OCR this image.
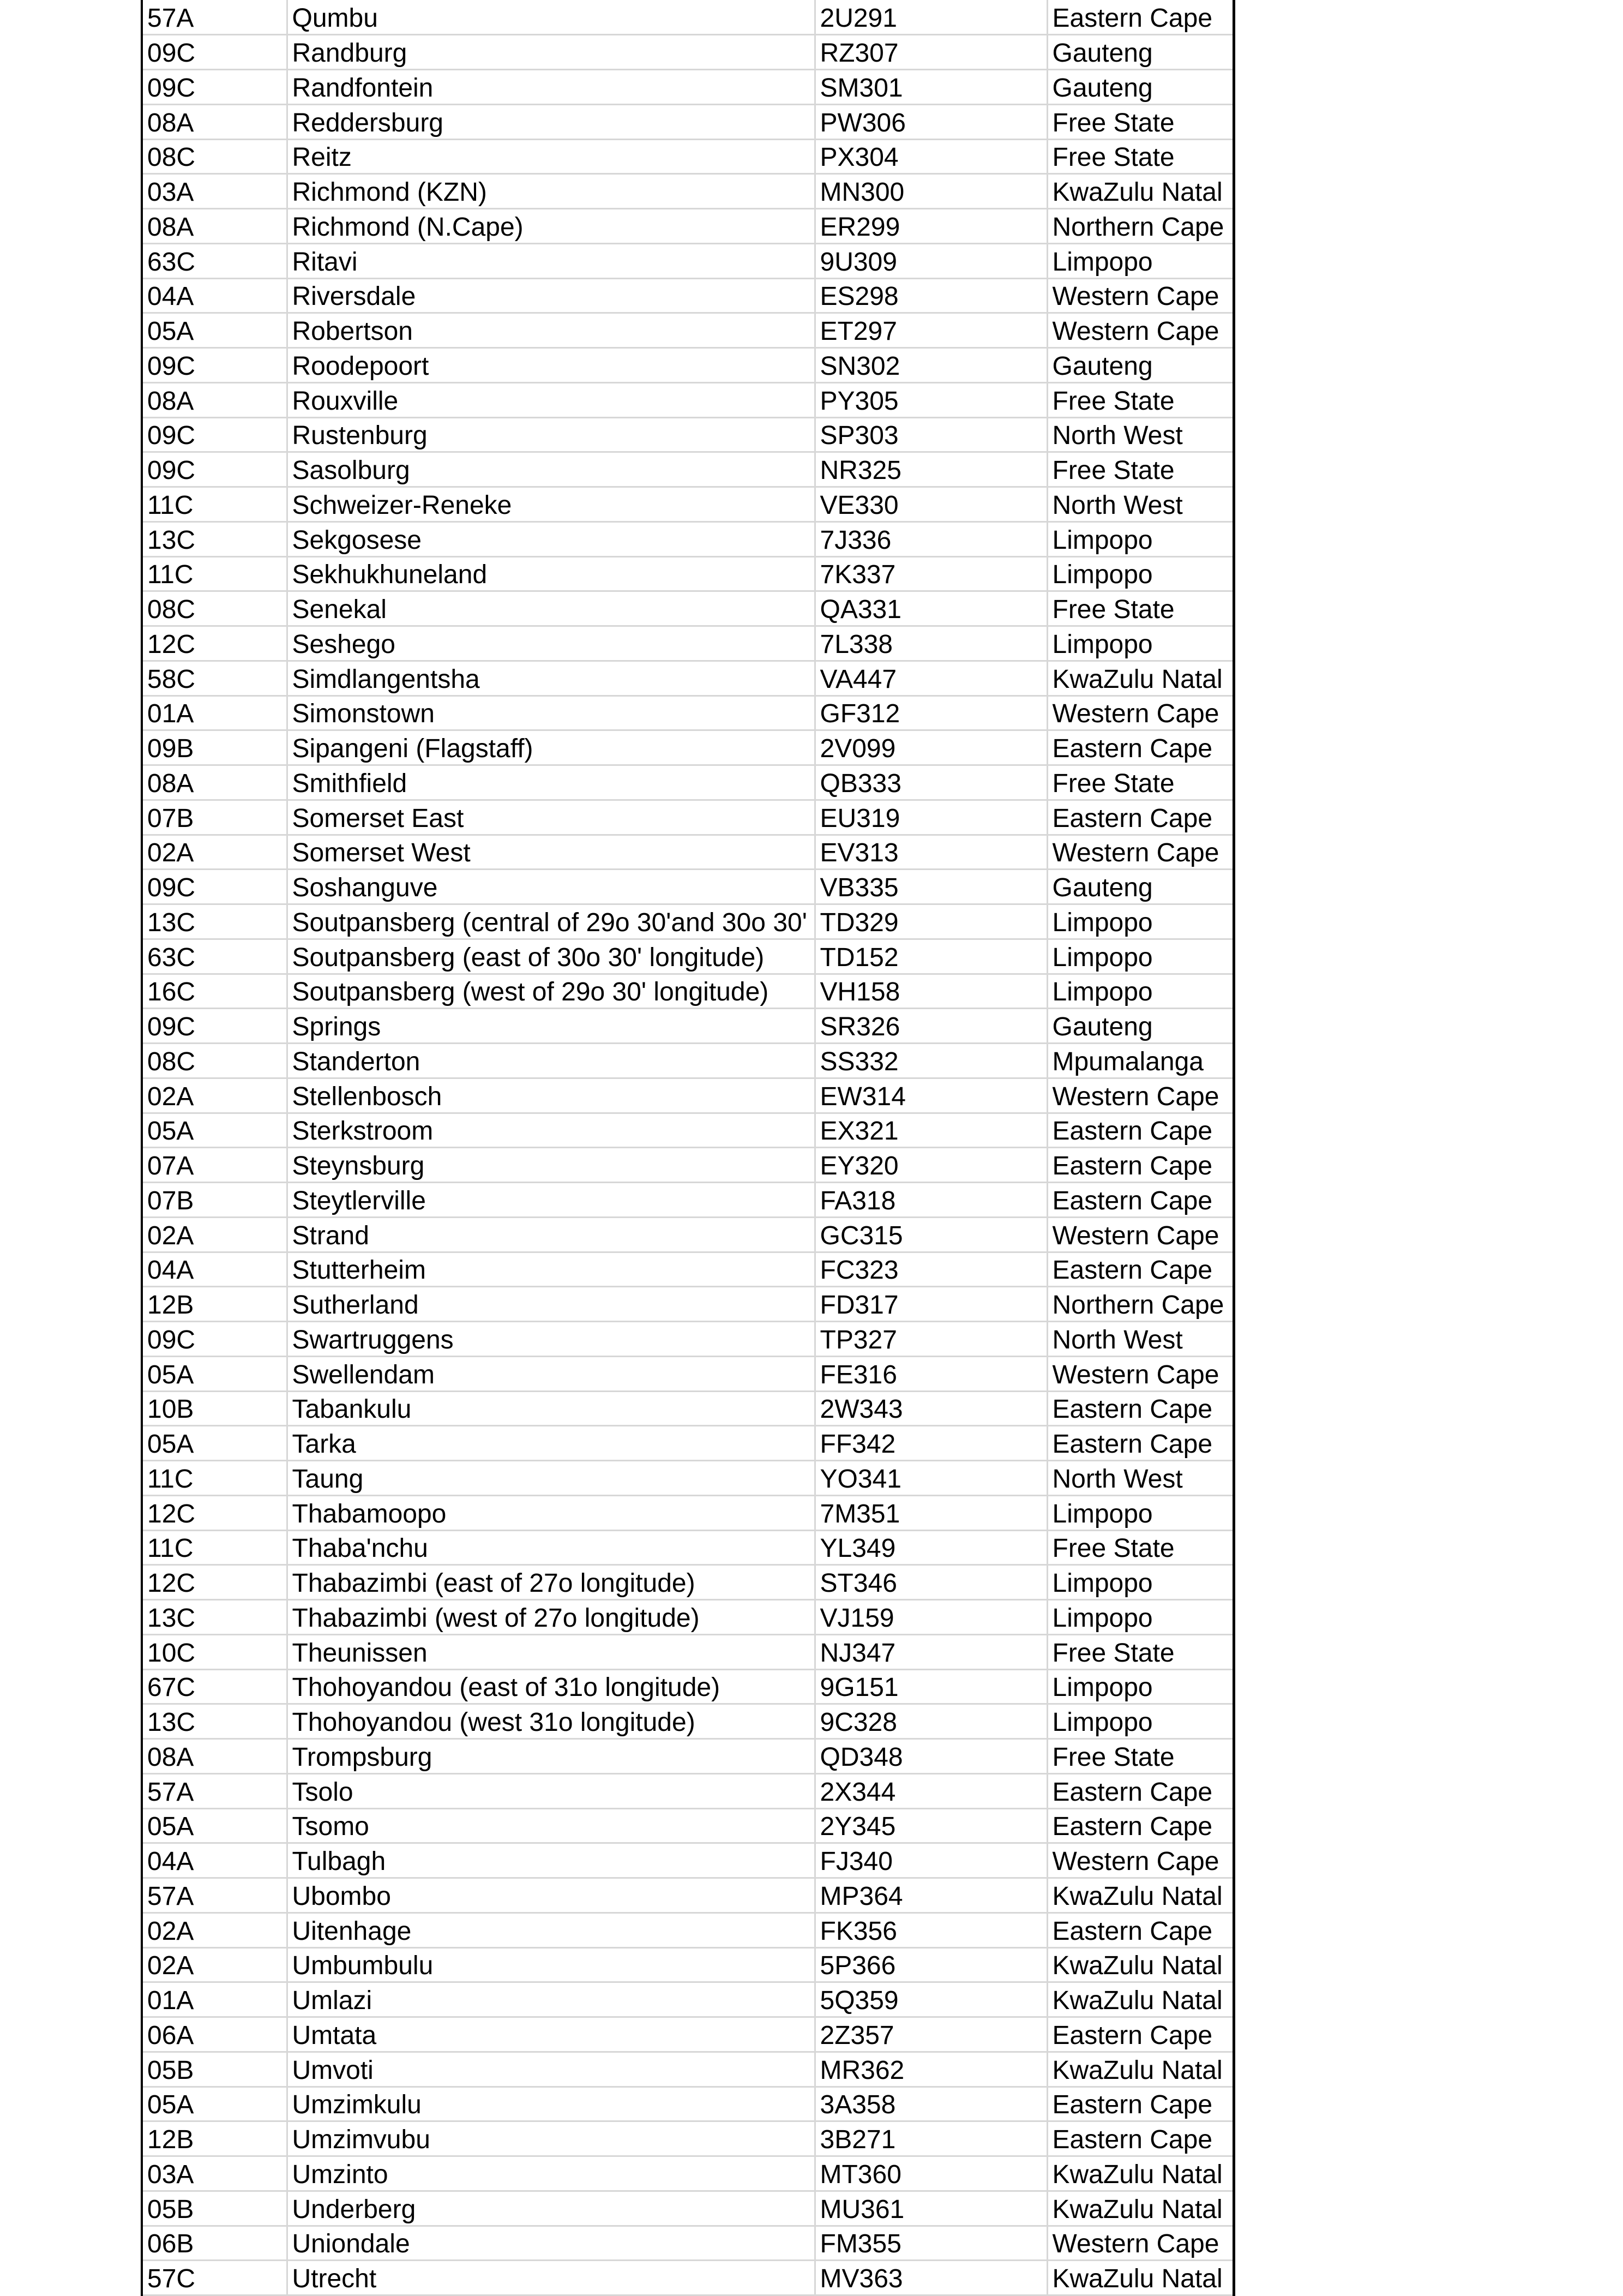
57A	Qumbu	2U291	Eastern Cape
09C	Randburg	RZ307	Gauteng
09C	Randfontein	SM301	Gauteng
08A	Reddersburg	PW306	Free State
08C	Reitz	PX304	Free State
03A	Richmond (KZN)	MN300	KwaZulu Natal
08A	Richmond (N.Cape)	ER299	Northern Cape
63C	Ritavi	9U309	Limpopo
04A	Riversdale	ES298	Western Cape
05A	Robertson	ET297	Western Cape
09C	Roodepoort	SN302	Gauteng
08A	Rouxville	PY305	Free State
09C	Rustenburg	SP303	North West
09C	Sasolburg	NR325	Free State
11C	Schweizer-Reneke	VE330	North West
13C	Sekgosese	7J336	Limpopo
11C	Sekhukhuneland	7K337	Limpopo
08C	Senekal	QA331	Free State
12C	Seshego	7L338	Limpopo
58C	Simdlangentsha	VA447	KwaZulu Natal
01A	Simonstown	GF312	Western Cape
09B	Sipangeni (Flagstaff)	2V099	Eastern Cape
08A	Smithfield	QB333	Free State
07B	Somerset East	EU319	Eastern Cape
02A	Somerset West	EV313	Western Cape
09C	Soshanguve	VB335	Gauteng
13C	Soutpansberg (central of 29o 30'and 30o 30'	TD329	Limpopo
63C	Soutpansberg (east of 30o 30' longitude)	TD152	Limpopo
16C	Soutpansberg (west of 29o 30' longitude)	VH158	Limpopo
09C	Springs	SR326	Gauteng
08C	Standerton	SS332	Mpumalanga
02A	Stellenbosch	EW314	Western Cape
05A	Sterkstroom	EX321	Eastern Cape
07A	Steynsburg	EY320	Eastern Cape
07B	Steytlerville	FA318	Eastern Cape
02A	Strand	GC315	Western Cape
04A	Stutterheim	FC323	Eastern Cape
12B	Sutherland	FD317	Northern Cape
09C	Swartruggens	TP327	North West
05A	Swellendam	FE316	Western Cape
10B	Tabankulu	2W343	Eastern Cape
05A	Tarka	FF342	Eastern Cape
11C	Taung	YO341	North West
12C	Thabamoopo	7M351	Limpopo
11C	Thaba'nchu	YL349	Free State
12C	Thabazimbi (east of 27o longitude)	ST346	Limpopo
13C	Thabazimbi (west of 27o longitude)	VJ159	Limpopo
10C	Theunissen	NJ347	Free State
67C	Thohoyandou (east of 31o longitude)	9G151	Limpopo
13C	Thohoyandou (west 31o longitude)	9C328	Limpopo
08A	Trompsburg	QD348	Free State
57A	Tsolo	2X344	Eastern Cape
05A	Tsomo	2Y345	Eastern Cape
04A	Tulbagh	FJ340	Western Cape
57A	Ubombo	MP364	KwaZulu Natal
02A	Uitenhage	FK356	Eastern Cape
02A	Umbumbulu	5P366	KwaZulu Natal
01A	Umlazi	5Q359	KwaZulu Natal
06A	Umtata	2Z357	Eastern Cape
05B	Umvoti	MR362	KwaZulu Natal
05A	Umzimkulu	3A358	Eastern Cape
12B	Umzimvubu	3B271	Eastern Cape
03A	Umzinto	MT360	KwaZulu Natal
05B	Underberg	MU361	KwaZulu Natal
06B	Uniondale	FM355	Western Cape
57C	Utrecht	MV363	KwaZulu Natal
